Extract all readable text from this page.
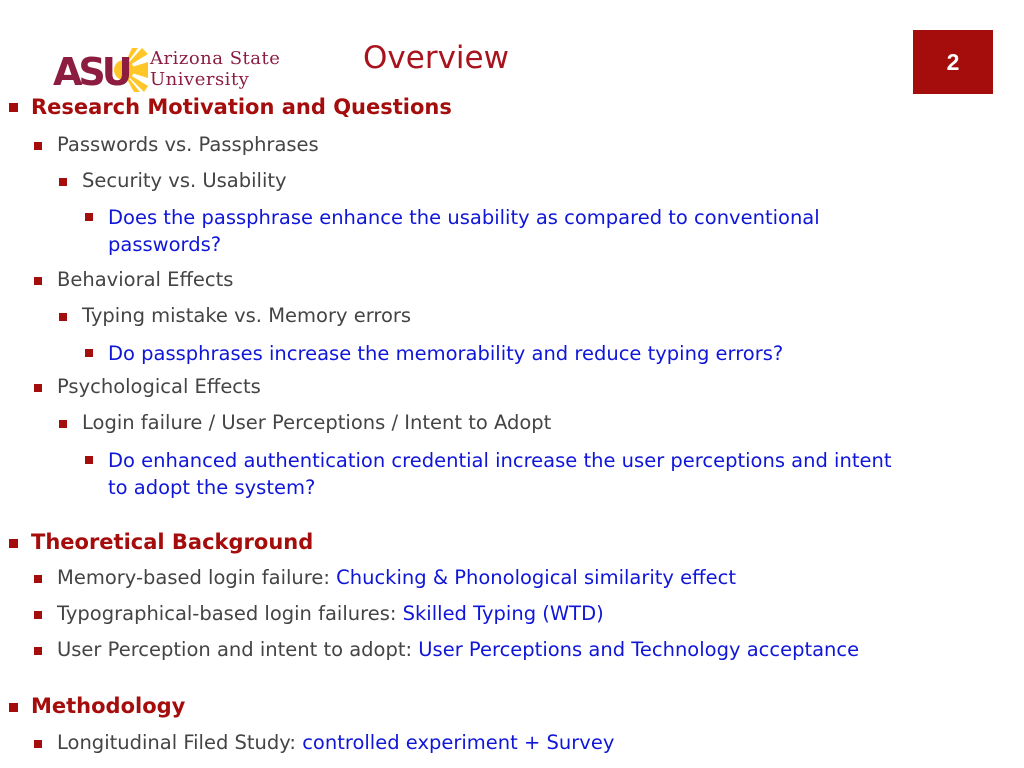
ASU Arizona State
University
Overview	2
Research Motivation and Questions
Passwords vs. Passphrases
Security vs. Usability
Does the passphrase enhance the usability as compared to conventional
passwords?
Behavioral Effects
Typing mistake vs. Memory errors
Do passphrases increase the memorability and reduce typing errors?
Psychological Effects
Login failure / User Perceptions / Intent to Adopt
Do enhanced authentication credential increase the user perceptions and intent
to adopt the system?
Theoretical Background
Memory-based login failure: Chucking & Phonological similarity effect
Typographical-based login failures: Skilled Typing (WTD)
User Perception and intent to adopt: User Perceptions and Technology acceptance
Methodology
Longitudinal Filed Study: controlled experiment + Survey
